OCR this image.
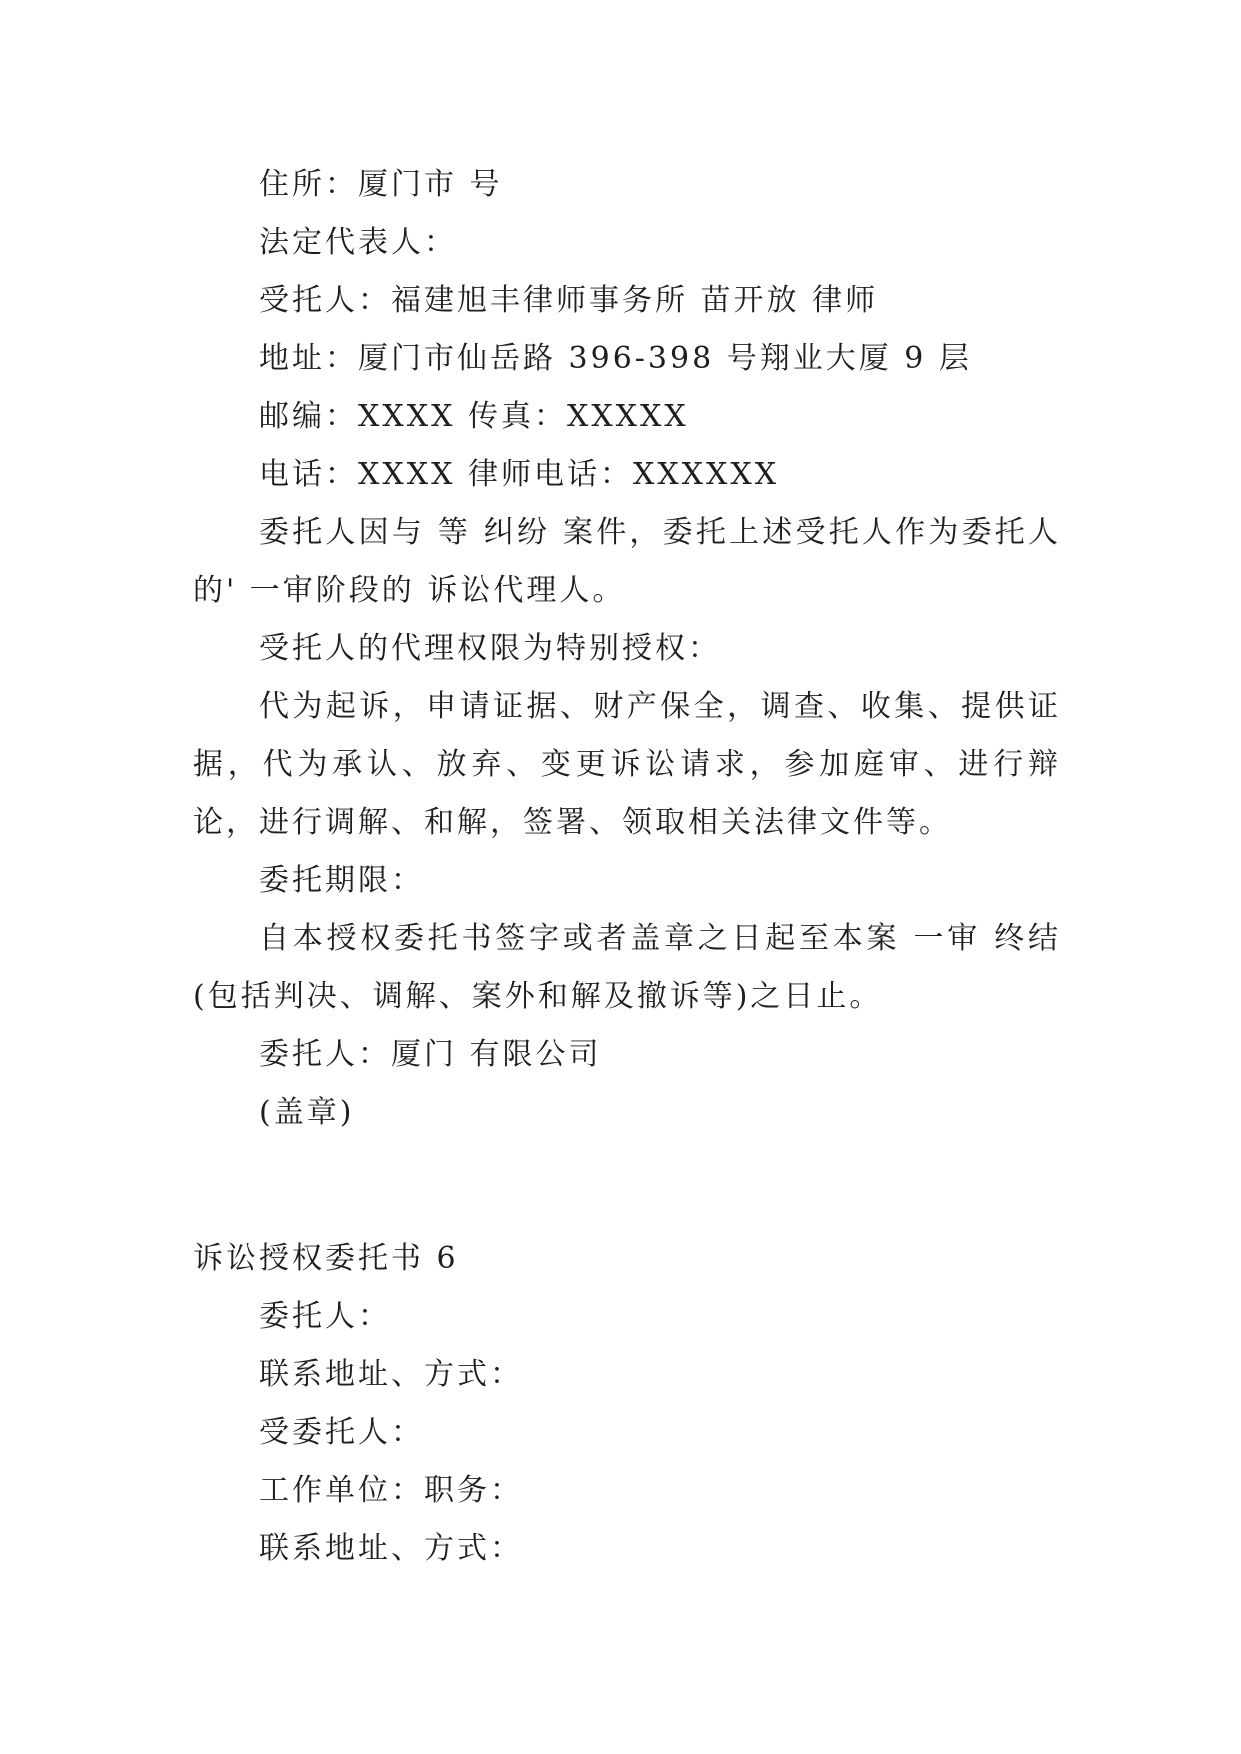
住所：厦门市 号

法定代表人：

受托人：福建旭丰律师事务所 苗开放 律师

地址：厦门市仙岳路 396-398 号翔业大厦 9 层

邮编：XXXX 传真：XXXXX

电话：XXXX 律师电话：XXXXXX

委托人因与 等 纠纷 案件，委托上述受托人作为委托人的' 一审阶段的 诉讼代理人。

受托人的代理权限为特别授权：

代为起诉，申请证据、财产保全，调查、收集、提供证据，代为承认、放弃、变更诉讼请求，参加庭审、进行辩论，进行调解、和解，签署、领取相关法律文件等。

委托期限：

自本授权委托书签字或者盖章之日起至本案 一审 终结(包括判决、调解、案外和解及撤诉等)之日止。

委托人：厦门 有限公司

(盖章)

诉讼授权委托书 6

委托人：

联系地址、方式：

受委托人：

工作单位：职务：

联系地址、方式：
